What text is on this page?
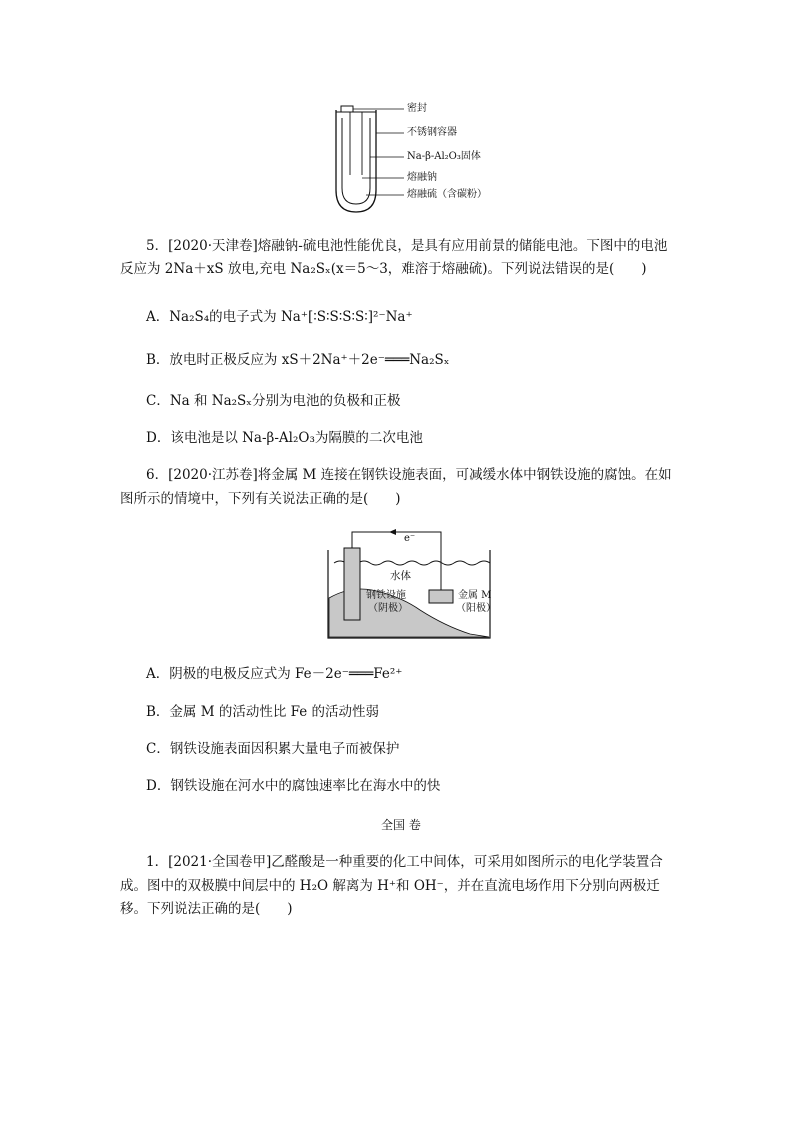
密封
不锈钢容器
Na-β-Al₂O₃固体
熔融钠
熔融硫（含碳粉）
5．[2020·天津卷]熔融钠-硫电池性能优良，是具有应用前景的储能电池。下图中的电池
反应为 2Na＋xS 放电,充电 Na₂Sₓ(x＝5～3，难溶于熔融硫)。下列说法错误的是(　　)
A．Na₂S₄的电子式为 Na⁺[∶S∶S∶S∶S∶]²⁻Na⁺
B．放电时正极反应为 xS＋2Na⁺＋2e⁻═══Na₂Sₓ
C．Na 和 Na₂Sₓ分别为电池的负极和正极
D．该电池是以 Na-β-Al₂O₃为隔膜的二次电池
6．[2020·江苏卷]将金属 M 连接在钢铁设施表面，可减缓水体中钢铁设施的腐蚀。在如
图所示的情境中，下列有关说法正确的是(　　)
e⁻
水体
钢铁设施
（阴极）
金属 M
（阳极）
A．阴极的电极反应式为 Fe－2e⁻═══Fe²⁺
B．金属 M 的活动性比 Fe 的活动性弱
C．钢铁设施表面因积累大量电子而被保护
D．钢铁设施在河水中的腐蚀速率比在海水中的快
全国 卷
1．[2021·全国卷甲]乙醛酸是一种重要的化工中间体，可采用如图所示的电化学装置合
成。图中的双极膜中间层中的 H₂O 解离为 H⁺和 OH⁻，并在直流电场作用下分别向两极迁
移。下列说法正确的是(　　)
